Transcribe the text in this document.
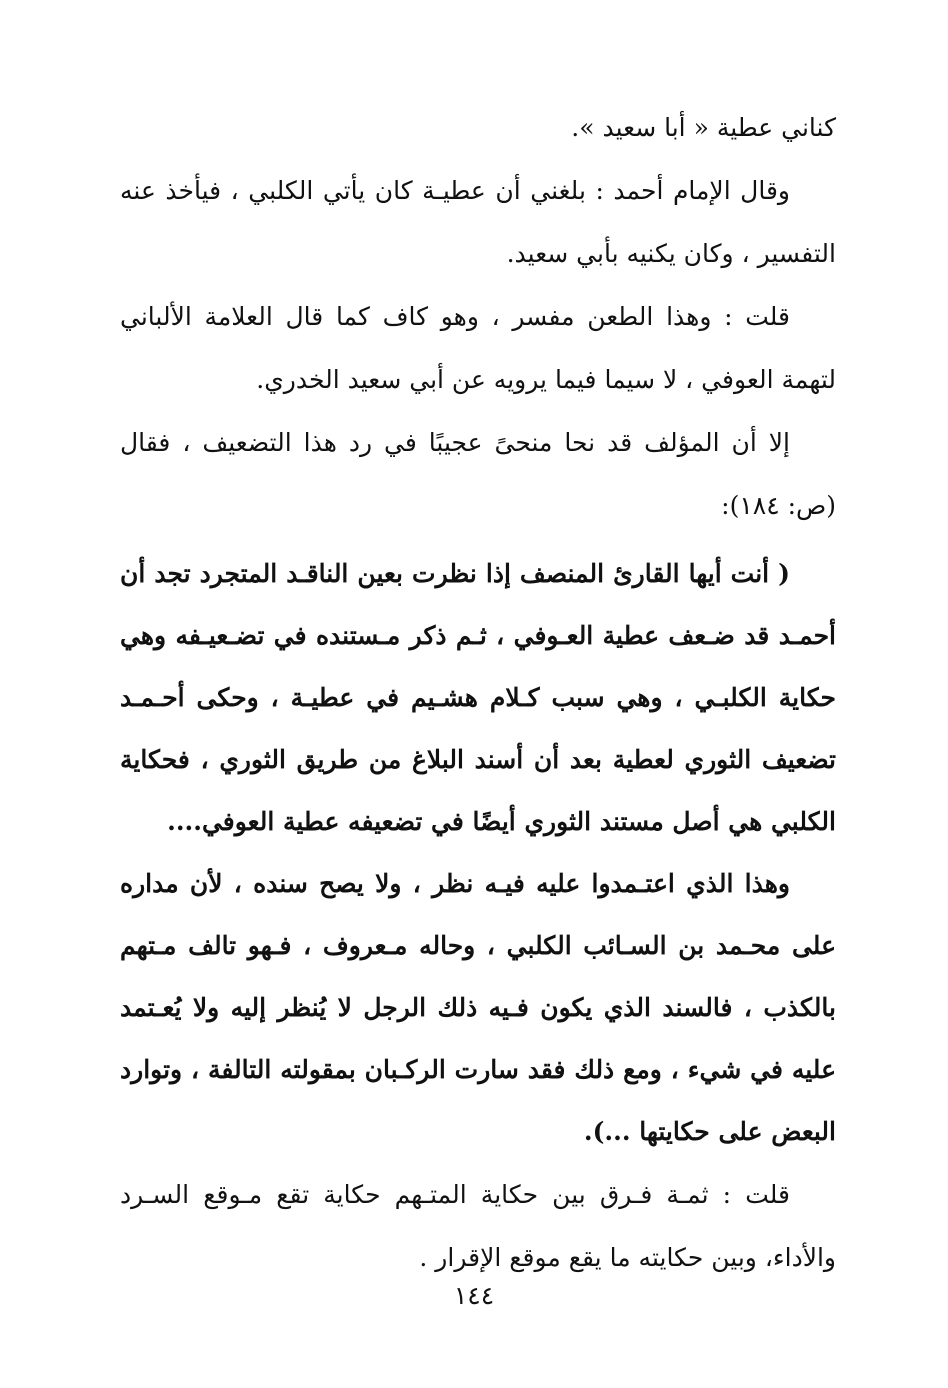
كناني عطية « أبا سعيد ».

وقال الإمام أحمد : بلغني أن عطيـة كان يأتي الكلبي ، فيأخذ عنه التفسير ، وكان يكنيه بأبي سعيد.

قلت : وهذا الطعن مفسر ، وهو كاف كما قال العلامة الألباني لتهمة العوفي ، لا سيما فيما يرويه عن أبي سعيد الخدري.

إلا أن المؤلف قد نحا منحىً عجيبًا في رد هذا التضعيف ، فقال (ص: ١٨٤):

( أنت أيها القارئ المنصف إذا نظرت بعين الناقـد المتجرد تجد أن أحمـد قد ضـعف عطية العـوفي ، ثـم ذكر مـستنده في تضـعيـفه وهي حكاية الكلبـي ، وهي سبب كـلام هشـيم في عطيـة ، وحكى أحـمـد تضعيف الثوري لعطية بعد أن أسند البلاغ من طريق الثوري ، فحكاية الكلبي هي أصل مستند الثوري أيضًا في تضعيفه عطية العوفي....

وهذا الذي اعتـمدوا عليه فيـه نظر ، ولا يصح سنده ، لأن مداره على محـمد بن السـائب الكلبي ، وحاله مـعروف ، فـهو تالف مـتهم بالكذب ، فالسند الذي يكون فـيه ذلك الرجل لا يُنظر إليه ولا يُعـتمد عليه في شيء ، ومع ذلك فقد سارت الركـبان بمقولته التالفة ، وتوارد البعض على حكايتها ...).

قلت : ثمـة فـرق بين حكاية المتـهم حكاية تقع مـوقع السـرد والأداء، وبين حكايته ما يقع موقع الإقرار .

١٤٤
